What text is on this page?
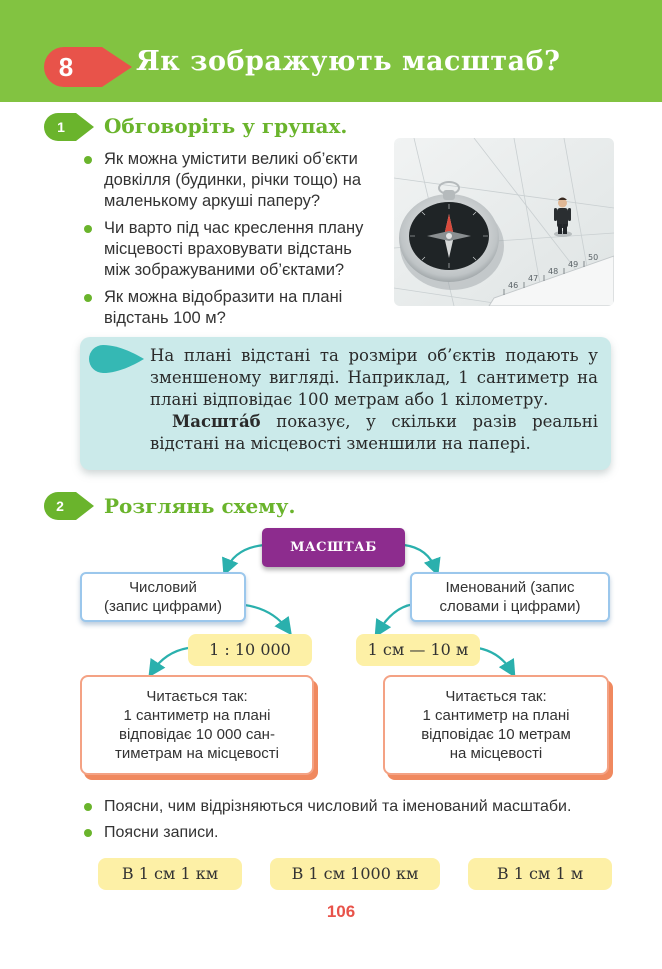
8	Як зображують масштаб?
1	Обговоріть у групах.
Як можна умістити великі об’єкти довкілля (будинки, річки тощо) на маленькому аркуші паперу?
Чи варто під час креслення плану місцевості враховувати відстань між зображуваними об’єктами?
Як можна відобразити на плані відстань 100 м?
46
47
48
49
50

На плані відстані та розміри об’єктів подають у зменшеному вигляді. Наприклад, 1 сантиметр на плані відповідає 100 метрам або 1 кілометру.

Масшта́б показує, у скільки разів реальні відстані на місцевості зменшили на папері.

2	Розглянь схему.
МАСШТАБ
Числовий
(запис цифрами)
Іменований (запис
словами і цифрами)
1 : 10 000	1 см — 10 м
Читається так:
1 сантиметр на плані
відповідає 10 000 сан-
тиметрам на місцевості
Читається так:
1 сантиметр на плані
відповідає 10 метрам
на місцевості
Поясни, чим відрізняються числовий та іменований масштаби.
Поясни записи.
В 1 см 1 км	В 1 см 1000 км	В 1 см 1 м
106
